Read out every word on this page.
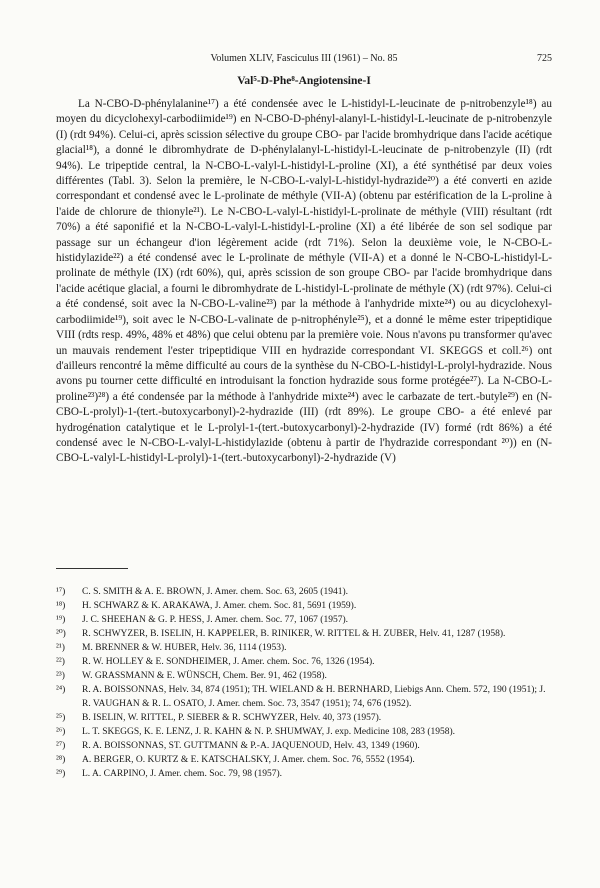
Volumen XLIV, Fasciculus III (1961) – No. 85	725
Val⁵-D-Phe⁸-Angiotensine-I

La N-CBO-D-phénylalanine¹⁷) a été condensée avec le L-histidyl-L-leucinate de p-nitrobenzyle¹⁸) au moyen du dicyclohexyl-carbodiimide¹⁹) en N-CBO-D-phényl-alanyl-L-histidyl-L-leucinate de p-nitrobenzyle (I) (rdt 94%). Celui-ci, après scission sélective du groupe CBO- par l'acide bromhydrique dans l'acide acétique glacial¹⁸), a donné le dibromhydrate de D-phénylalanyl-L-histidyl-L-leucinate de p-nitrobenzyle (II) (rdt 94%). Le tripeptide central, la N-CBO-L-valyl-L-histidyl-L-proline (XI), a été synthétisé par deux voies différentes (Tabl. 3). Selon la première, le N-CBO-L-valyl-L-histidyl-hydrazide²⁰) a été converti en azide correspondant et condensé avec le L-prolinate de méthyle (VII-A) (obtenu par estérification de la L-proline à l'aide de chlorure de thionyle²¹). Le N-CBO-L-valyl-L-histidyl-L-prolinate de méthyle (VIII) résultant (rdt 70%) a été saponifié et la N-CBO-L-valyl-L-histidyl-L-proline (XI) a été libérée de son sel sodique par passage sur un échangeur d'ion légèrement acide (rdt 71%). Selon la deuxième voie, le N-CBO-L-histidylazide²²) a été condensé avec le L-prolinate de méthyle (VII-A) et a donné le N-CBO-L-histidyl-L-prolinate de méthyle (IX) (rdt 60%), qui, après scission de son groupe CBO- par l'acide bromhydrique dans l'acide acétique glacial, a fourni le dibromhydrate de L-histidyl-L-prolinate de méthyle (X) (rdt 97%). Celui-ci a été condensé, soit avec la N-CBO-L-valine²³) par la méthode à l'anhydride mixte²⁴) ou au dicyclohexyl-carbodiimide¹⁹), soit avec le N-CBO-L-valinate de p-nitrophényle²⁵), et a donné le même ester tripeptidique VIII (rdts resp. 49%, 48% et 48%) que celui obtenu par la première voie. Nous n'avons pu transformer qu'avec un mauvais rendement l'ester tripeptidique VIII en hydrazide correspondant VI. SKEGGS et coll.²⁶) ont d'ailleurs rencontré la même difficulté au cours de la synthèse du N-CBO-L-histidyl-L-prolyl-hydrazide. Nous avons pu tourner cette difficulté en introduisant la fonction hydrazide sous forme protégée²⁷). La N-CBO-L-proline²³)²⁸) a été condensée par la méthode à l'anhydride mixte²⁴) avec le carbazate de tert.-butyle²⁹) en (N-CBO-L-prolyl)-1-(tert.-butoxycarbonyl)-2-hydrazide (III) (rdt 89%). Le groupe CBO- a été enlevé par hydrogénation catalytique et le L-prolyl-1-(tert.-butoxycarbonyl)-2-hydrazide (IV) formé (rdt 86%) a été condensé avec le N-CBO-L-valyl-L-histidylazide (obtenu à partir de l'hydrazide correspondant ²⁰)) en (N-CBO-L-valyl-L-histidyl-L-prolyl)-1-(tert.-butoxycarbonyl)-2-hydrazide (V)

¹⁷) C. S. SMITH & A. E. BROWN, J. Amer. chem. Soc. 63, 2605 (1941).
¹⁸) H. SCHWARZ & K. ARAKAWA, J. Amer. chem. Soc. 81, 5691 (1959).
¹⁹) J. C. SHEEHAN & G. P. HESS, J. Amer. chem. Soc. 77, 1067 (1957).
²⁰) R. SCHWYZER, B. ISELIN, H. KAPPELER, B. RINIKER, W. RITTEL & H. ZUBER, Helv. 41, 1287 (1958).
²¹) M. BRENNER & W. HUBER, Helv. 36, 1114 (1953).
²²) R. W. HOLLEY & E. SONDHEIMER, J. Amer. chem. Soc. 76, 1326 (1954).
²³) W. GRASSMANN & E. WÜNSCH, Chem. Ber. 91, 462 (1958).
²⁴) R. A. BOISSONNAS, Helv. 34, 874 (1951); TH. WIELAND & H. BERNHARD, Liebigs Ann. Chem. 572, 190 (1951); J. R. VAUGHAN & R. L. OSATO, J. Amer. chem. Soc. 73, 3547 (1951); 74, 676 (1952).
²⁵) B. ISELIN, W. RITTEL, P. SIEBER & R. SCHWYZER, Helv. 40, 373 (1957).
²⁶) L. T. SKEGGS, K. E. LENZ, J. R. KAHN & N. P. SHUMWAY, J. exp. Medicine 108, 283 (1958).
²⁷) R. A. BOISSONNAS, ST. GUTTMANN & P.-A. JAQUENOUD, Helv. 43, 1349 (1960).
²⁸) A. BERGER, O. KURTZ & E. KATSCHALSKY, J. Amer. chem. Soc. 76, 5552 (1954).
²⁹) L. A. CARPINO, J. Amer. chem. Soc. 79, 98 (1957).
